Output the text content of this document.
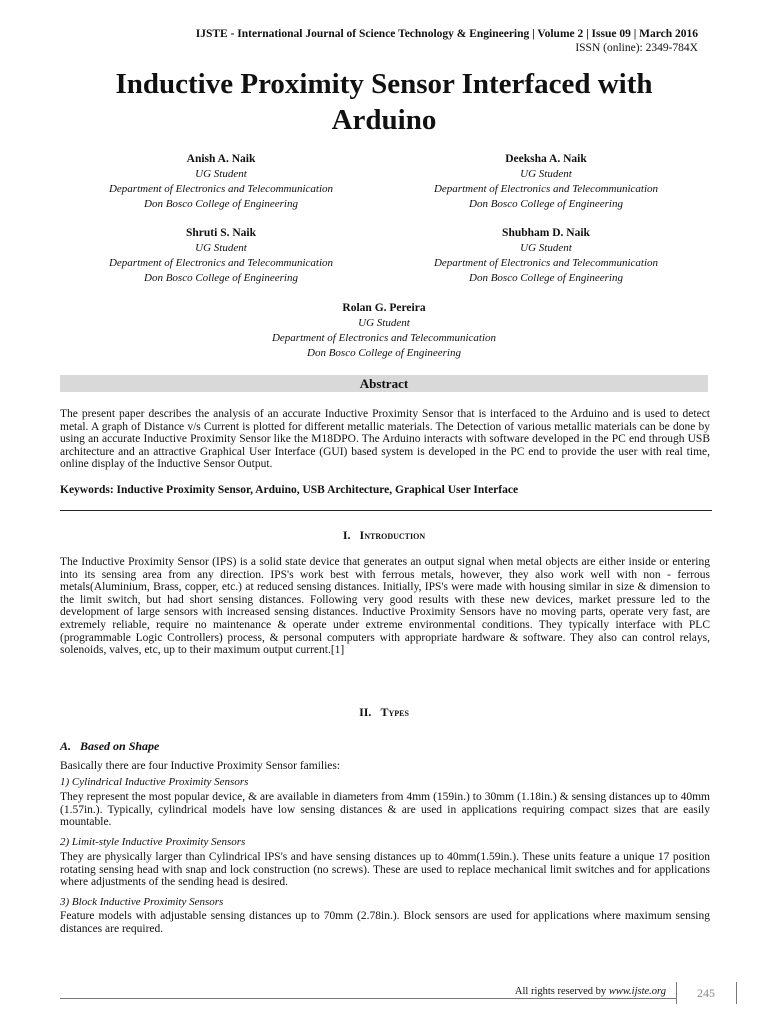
IJSTE - International Journal of Science Technology & Engineering | Volume 2 | Issue 09 | March 2016
ISSN (online): 2349-784X
Inductive Proximity Sensor Interfaced with
Arduino
Anish A. Naik
UG Student
Department of Electronics and Telecommunication
Don Bosco College of Engineering
Deeksha A. Naik
UG Student
Department of Electronics and Telecommunication
Don Bosco College of Engineering
Shruti S. Naik
UG Student
Department of Electronics and Telecommunication
Don Bosco College of Engineering
Shubham D. Naik
UG Student
Department of Electronics and Telecommunication
Don Bosco College of Engineering
Rolan G. Pereira
UG Student
Department of Electronics and Telecommunication
Don Bosco College of Engineering
Abstract
The present paper describes the analysis of an accurate Inductive Proximity Sensor that is interfaced to the Arduino and is used to detect metal. A graph of Distance v/s Current is plotted for different metallic materials. The Detection of various metallic materials can be done by using an accurate Inductive Proximity Sensor like the M18DPO. The Arduino interacts with software developed in the PC end through USB architecture and an attractive Graphical User Interface (GUI) based system is developed in the PC end to provide the user with real time, online display of the Inductive Sensor Output.
Keywords: Inductive Proximity Sensor, Arduino, USB Architecture, Graphical User Interface
I. Introduction
The Inductive Proximity Sensor (IPS) is a solid state device that generates an output signal when metal objects are either inside or entering into its sensing area from any direction. IPS's work best with ferrous metals, however, they also work well with non - ferrous metals(Aluminium, Brass, copper, etc.) at reduced sensing distances. Initially, IPS's were made with housing similar in size & dimension to the limit switch, but had short sensing distances. Following very good results with these new devices, market pressure led to the development of large sensors with increased sensing distances. Inductive Proximity Sensors have no moving parts, operate very fast, are extremely reliable, require no maintenance & operate under extreme environmental conditions. They typically interface with PLC (programmable Logic Controllers) process, & personal computers with appropriate hardware & software. They also can control relays, solenoids, valves, etc, up to their maximum output current.[1]
II. Types
A. Based on Shape
Basically there are four Inductive Proximity Sensor families:
1) Cylindrical Inductive Proximity Sensors
They represent the most popular device, & are available in diameters from 4mm (159in.) to 30mm (1.18in.) & sensing distances up to 40mm (1.57in.). Typically, cylindrical models have low sensing distances & are used in applications requiring compact sizes that are easily mountable.
2) Limit-style Inductive Proximity Sensors
They are physically larger than Cylindrical IPS's and have sensing distances up to 40mm(1.59in.). These units feature a unique 17 position rotating sensing head with snap and lock construction (no screws). These are used to replace mechanical limit switches and for applications where adjustments of the sending head is desired.
3) Block Inductive Proximity Sensors
Feature models with adjustable sensing distances up to 70mm (2.78in.). Block sensors are used for applications where maximum sensing distances are required.
All rights reserved by www.ijste.org	245
